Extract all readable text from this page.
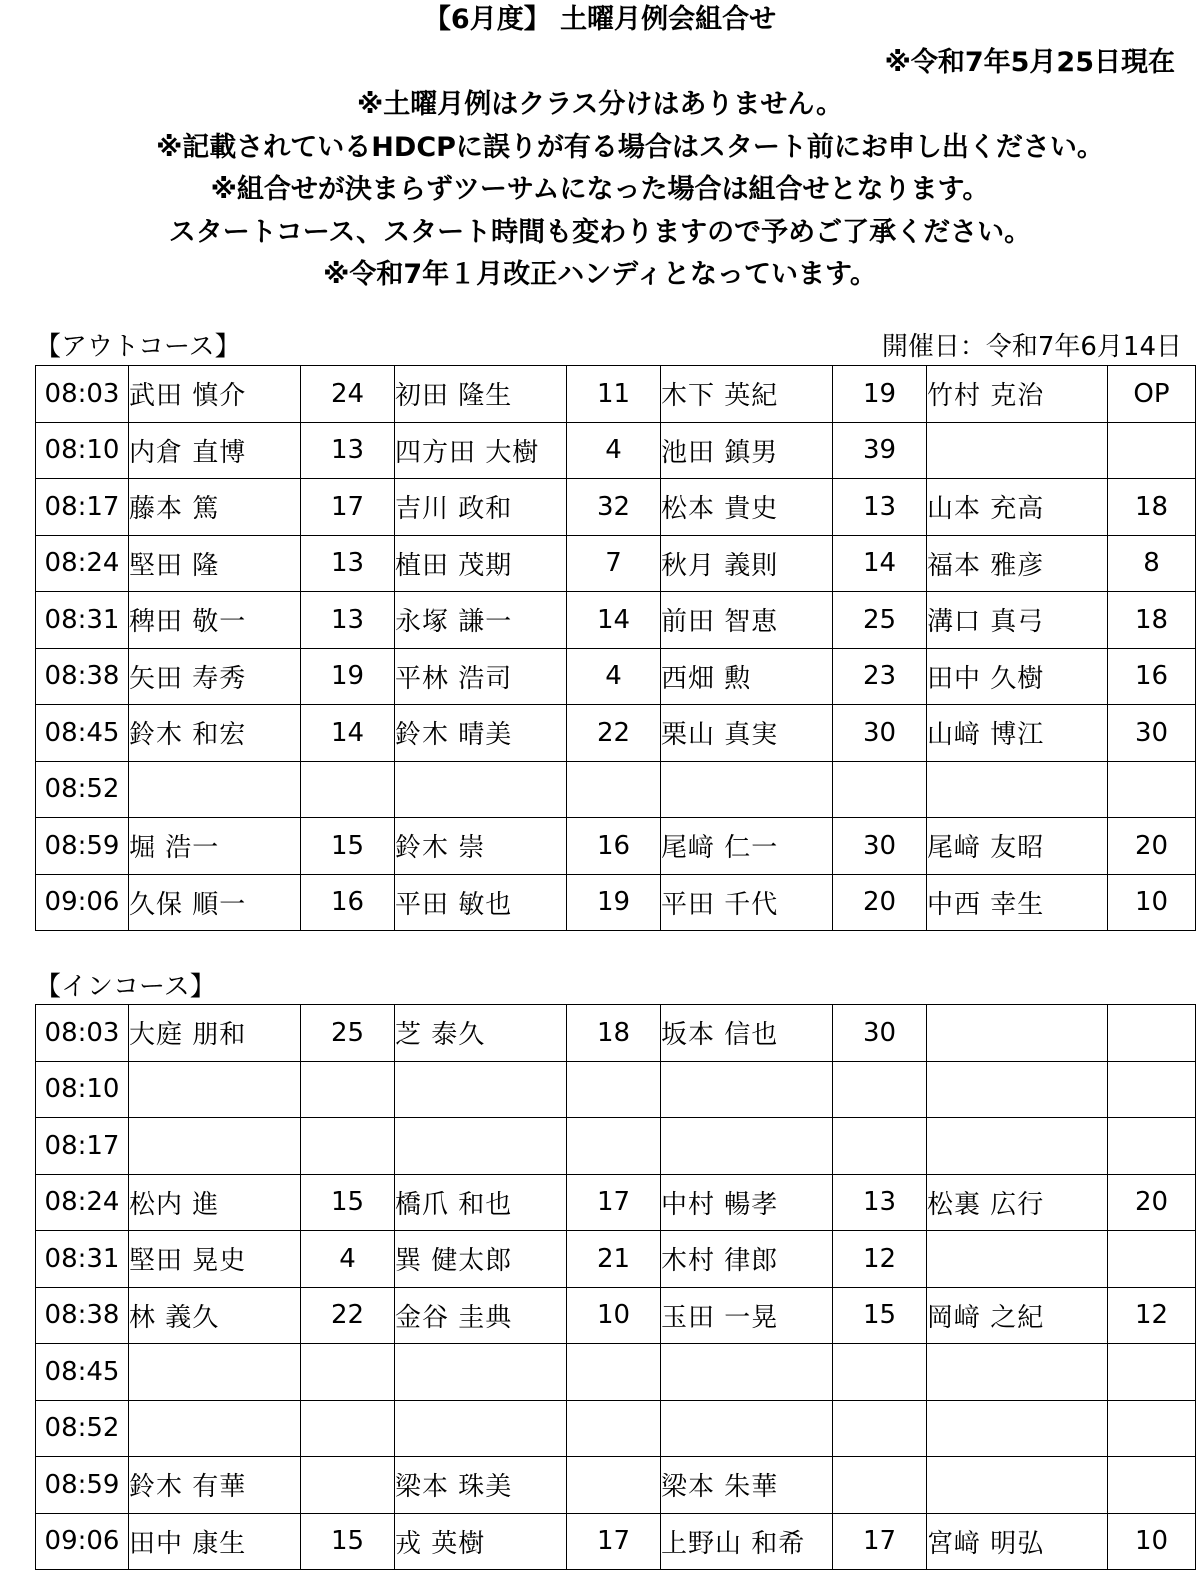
【6月度】 土曜月例会組合せ
※令和7年5月25日現在
※土曜月例はクラス分けはありません。
※記載されているHDCPに誤りが有る場合はスタート前にお申し出ください。
※組合せが決まらずツーサムになった場合は組合せとなります。
スタートコース、スタート時間も変わりますので予めご了承ください。
※令和7年１月改正ハンディとなっています。
【アウトコース】	開催日：令和7年6月14日
08:03	武田 慎介	24	初田 隆生	11	木下 英紀	19	竹村 克治	OP
08:10	内倉 直博	13	四方田 大樹	4	池田 鎮男	39		
08:17	藤本 篤	17	吉川 政和	32	松本 貴史	13	山本 充高	18
08:24	堅田 隆	13	植田 茂期	7	秋月 義則	14	福本 雅彦	8
08:31	稗田 敬一	13	永塚 謙一	14	前田 智恵	25	溝口 真弓	18
08:38	矢田 寿秀	19	平林 浩司	4	西畑 勲	23	田中 久樹	16
08:45	鈴木 和宏	14	鈴木 晴美	22	栗山 真実	30	山﨑 博江	30
08:52								
08:59	堀 浩一	15	鈴木 崇	16	尾﨑 仁一	30	尾﨑 友昭	20
09:06	久保 順一	16	平田 敏也	19	平田 千代	20	中西 幸生	10
【インコース】
08:03	大庭 朋和	25	芝 泰久	18	坂本 信也	30		
08:10								
08:17								
08:24	松内 進	15	橋爪 和也	17	中村 暢孝	13	松裏 広行	20
08:31	堅田 晃史	4	巽 健太郎	21	木村 律郎	12		
08:38	林 義久	22	金谷 圭典	10	玉田 一晃	15	岡﨑 之紀	12
08:45								
08:52								
08:59	鈴木 有華		梁本 珠美		梁本 朱華			
09:06	田中 康生	15	戎 英樹	17	上野山 和希	17	宮﨑 明弘	10
